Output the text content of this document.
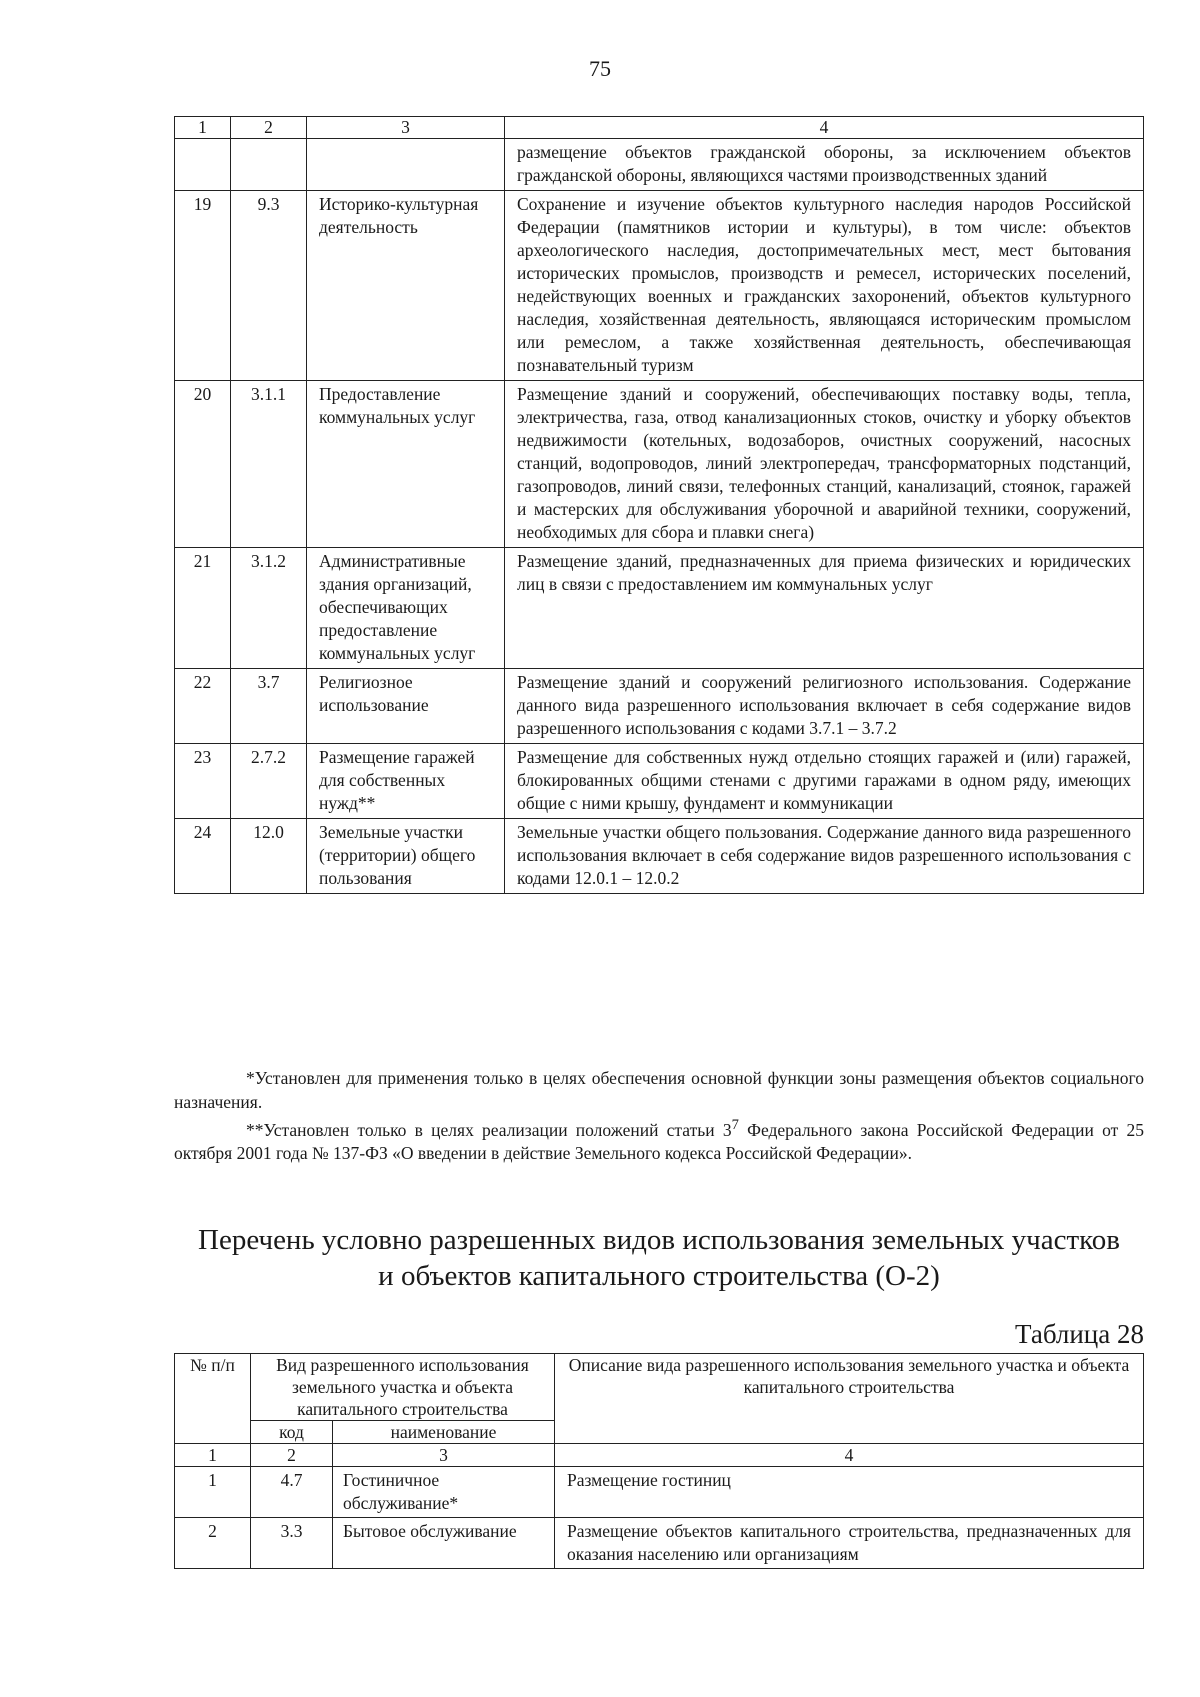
75
1	2	3	4
			размещение объектов гражданской обороны, за исключением объектов гражданской обороны, являющихся частями производственных зданий
19	9.3	Историко-культурная деятельность	Сохранение и изучение объектов культурного наследия народов Российской Федерации (памятников истории и культуры), в том числе: объектов археологического наследия, достопримечательных мест, мест бытования исторических промыслов, производств и ремесел, исторических поселений, недействующих военных и гражданских захоронений, объектов культурного наследия, хозяйственная деятельность, являющаяся историческим промыслом или ремеслом, а также хозяйственная деятельность, обеспечивающая познавательный туризм
20	3.1.1	Предоставление коммунальных услуг	Размещение зданий и сооружений, обеспечивающих поставку воды, тепла, электричества, газа, отвод канализационных стоков, очистку и уборку объектов недвижимости (котельных, водозаборов, очистных сооружений, насосных станций, водопроводов, линий электропередач, трансформаторных подстанций, газопроводов, линий связи, телефонных станций, канализаций, стоянок, гаражей и мастерских для обслуживания уборочной и аварийной техники, сооружений, необходимых для сбора и плавки снега)
21	3.1.2	Административные здания организаций, обеспечивающих предоставление коммунальных услуг	Размещение зданий, предназначенных для приема физических и юридических лиц в связи с предоставлением им коммунальных услуг
22	3.7	Религиозное использование	Размещение зданий и сооружений религиозного использования. Содержание данного вида разрешенного использования включает в себя содержание видов разрешенного использования с кодами 3.7.1 – 3.7.2
23	2.7.2	Размещение гаражей для собственных нужд**	Размещение для собственных нужд отдельно стоящих гаражей и (или) гаражей, блокированных общими стенами с другими гаражами в одном ряду, имеющих общие с ними крышу, фундамент и коммуникации
24	12.0	Земельные участки (территории) общего пользования	Земельные участки общего пользования. Содержание данного вида разрешенного использования включает в себя содержание видов разрешенного использования с кодами 12.0.1 – 12.0.2

*Установлен для применения только в целях обеспечения основной функции зоны размещения объектов социального назначения.

**Установлен только в целях реализации положений статьи $3^7$ Федерального закона Российской Федерации от 25 октября 2001 года № 137-ФЗ «О введении в действие Земельного кодекса Российской Федерации».

Перечень условно разрешенных видов использования земельных участков
и объектов капитального строительства (О-2)
Таблица 28
№ п/п	Вид разрешенного использования земельного участка и объекта капитального строительства		Описание вида разрешенного использования земельного участка и объекта капитального строительства
	код	наименование	
1	2	3	4
1	4.7	Гостиничное обслуживание*	Размещение гостиниц
2	3.3	Бытовое обслуживание	Размещение объектов капитального строительства, предназначенных для оказания населению или организациям
